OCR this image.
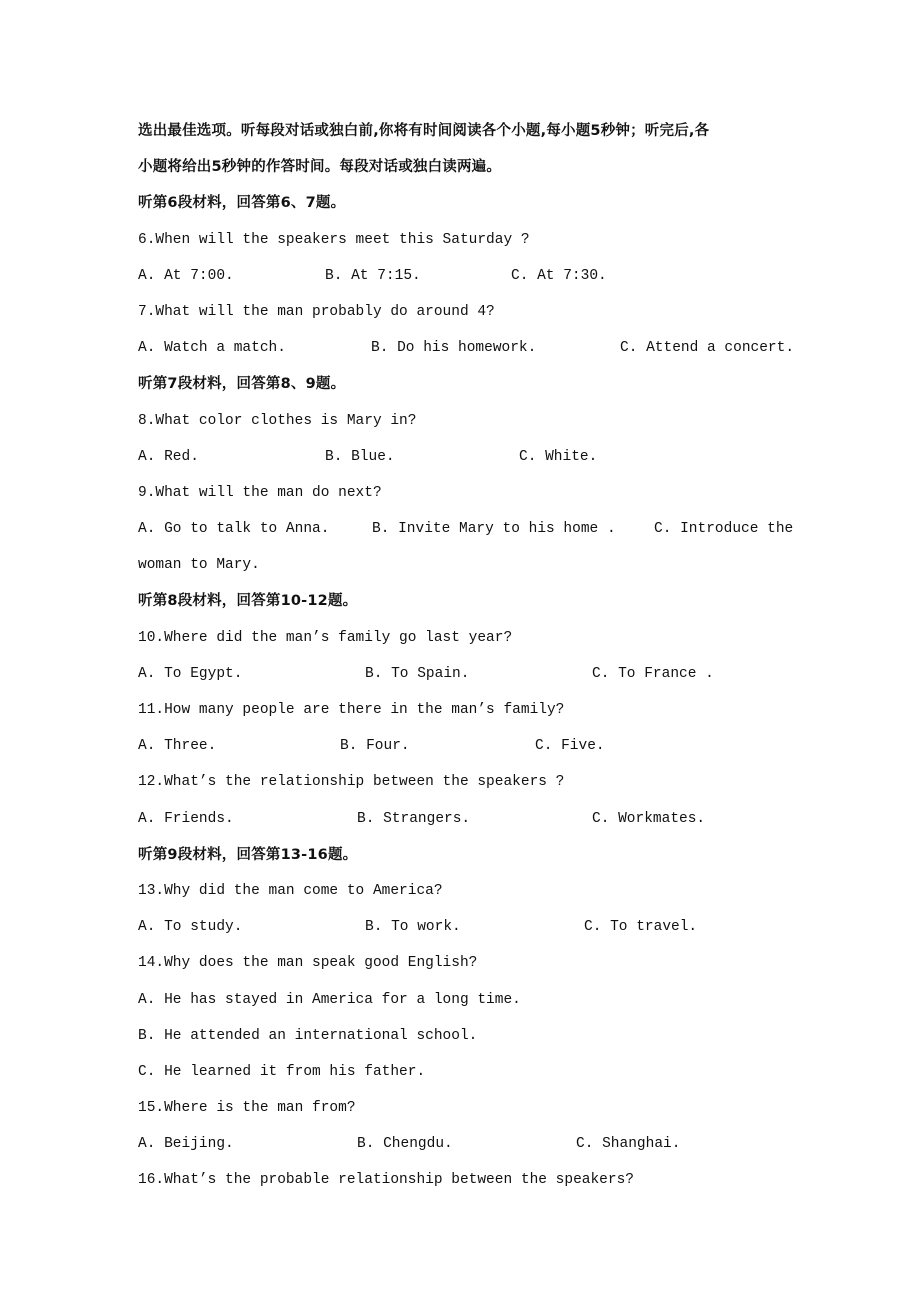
选出最佳选项。听每段对话或独白前,你将有时间阅读各个小题,每小题5秒钟；听完后,各
小题将给出5秒钟的作答时间。每段对话或独白读两遍。
听第6段材料，回答第6、7题。
6.When will the speakers meet this Saturday ?

A. At 7:00.

	B. At 7:15.

	C. At 7:30.

7.What will the man probably do around 4?

A. Watch a match.

	B. Do his homework.

	C. Attend a concert.

听第7段材料，回答第8、9题。
8.What color clothes is Mary in?

A. Red.

	B. Blue.

	C. White.

9.What will the man do next?

A. Go to talk to Anna.

	B. Invite Mary to his home .

	C. Introduce the

woman to Mary.
听第8段材料，回答第10-12题。
10.Where did the man’s family go last year?

A. To Egypt.

	B. To Spain.

	C. To France .

11.How many people are there in the man’s family?

A. Three.

	B. Four.

	C. Five.

12.What’s the relationship between the speakers ?

A. Friends.

	B. Strangers.

	C. Workmates.

听第9段材料，回答第13-16题。
13.Why did the man come to America?

A. To study.

	B. To work.

	C. To travel.

14.Why does the man speak good English?
A. He has stayed in America for a long time.
B. He attended an international school.
C. He learned it from his father.
15.Where is the man from?

A. Beijing.

	B. Chengdu.

	C. Shanghai.

16.What’s the probable relationship between the speakers?
